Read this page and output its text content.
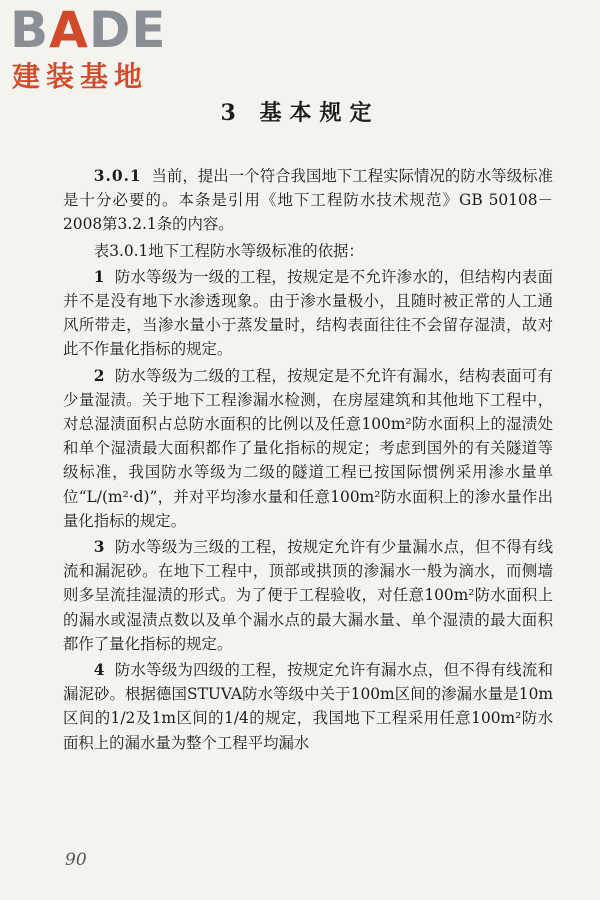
BADE
建装基地
3 基本规定

3.0.1 当前，提出一个符合我国地下工程实际情况的防水等级标准是十分必要的。本条是引用《地下工程防水技术规范》GB 50108－2008第3.2.1条的内容。

表3.0.1地下工程防水等级标准的依据：

1 防水等级为一级的工程，按规定是不允许渗水的，但结构内表面并不是没有地下水渗透现象。由于渗水量极小，且随时被正常的人工通风所带走，当渗水量小于蒸发量时，结构表面往往不会留存湿渍，故对此不作量化指标的规定。

2 防水等级为二级的工程，按规定是不允许有漏水，结构表面可有少量湿渍。关于地下工程渗漏水检测，在房屋建筑和其他地下工程中，对总湿渍面积占总防水面积的比例以及任意100m²防水面积上的湿渍处和单个湿渍最大面积都作了量化指标的规定；考虑到国外的有关隧道等级标准，我国防水等级为二级的隧道工程已按国际惯例采用渗水量单位“L/(m²·d)”，并对平均渗水量和任意100m²防水面积上的渗水量作出量化指标的规定。

3 防水等级为三级的工程，按规定允许有少量漏水点，但不得有线流和漏泥砂。在地下工程中，顶部或拱顶的渗漏水一般为滴水，而侧墙则多呈流挂湿渍的形式。为了便于工程验收，对任意100m²防水面积上的漏水或湿渍点数以及单个漏水点的最大漏水量、单个湿渍的最大面积都作了量化指标的规定。

4 防水等级为四级的工程，按规定允许有漏水点，但不得有线流和漏泥砂。根据德国STUVA防水等级中关于100m区间的渗漏水量是10m区间的1/2及1m区间的1/4的规定，我国地下工程采用任意100m²防水面积上的漏水量为整个工程平均漏水

90
